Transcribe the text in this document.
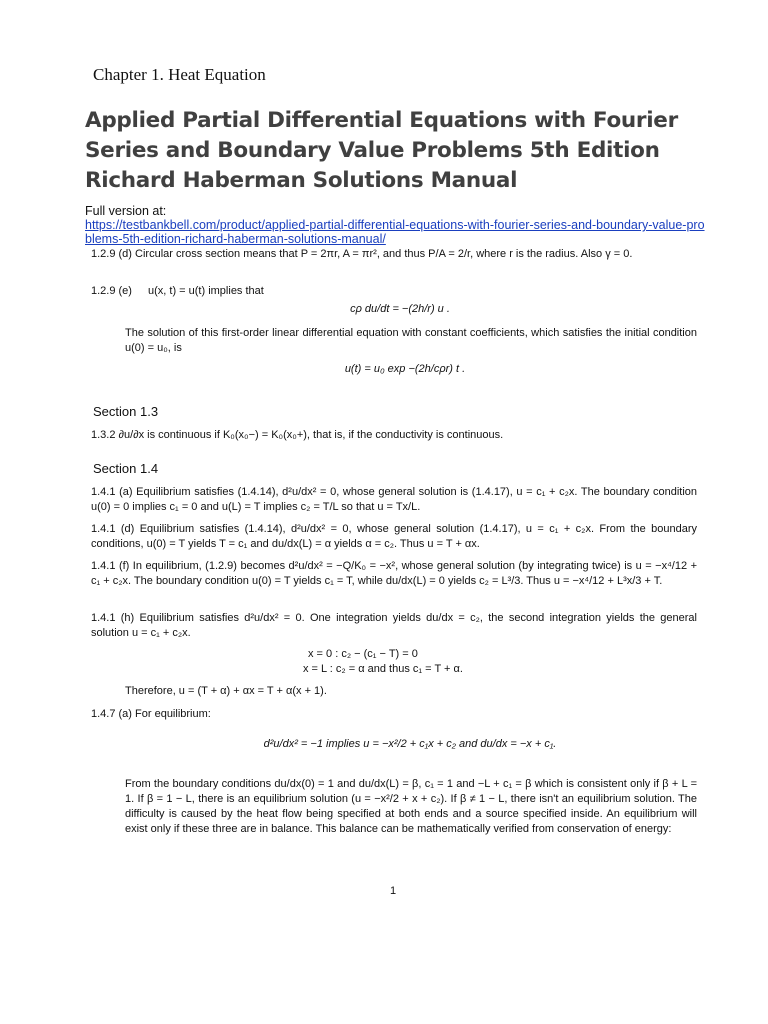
Chapter 1. Heat Equation
Applied Partial Differential Equations with Fourier Series and Boundary Value Problems 5th Edition Richard Haberman Solutions Manual
Full version at:
https://testbankbell.com/product/applied-partial-differential-equations-with-fourier-series-and-boundary-value-problems-5th-edition-richard-haberman-solutions-manual/
1.2.9 (d) Circular cross section means that P = 2πr, A = πr², and thus P/A = 2/r, where r is the radius. Also γ = 0.
1.2.9 (e) u(x, t) = u(t) implies that
cρ du/dt = −(2h/r) u .
The solution of this first-order linear differential equation with constant coefficients, which satisfies the initial condition u(0) = u₀, is
u(t) = u₀ exp −(2h/cρr) t .
Section 1.3
1.3.2 ∂u/∂x is continuous if K₀(x₀−) = K₀(x₀+), that is, if the conductivity is continuous.
Section 1.4
1.4.1 (a) Equilibrium satisfies (1.4.14), d²u/dx² = 0, whose general solution is (1.4.17), u = c₁ + c₂x. The boundary condition u(0) = 0 implies c₁ = 0 and u(L) = T implies c₂ = T/L so that u = Tx/L.
1.4.1 (d) Equilibrium satisfies (1.4.14), d²u/dx² = 0, whose general solution (1.4.17), u = c₁ + c₂x. From the boundary conditions, u(0) = T yields T = c₁ and du/dx(L) = α yields α = c₂. Thus u = T + αx.
1.4.1 (f) In equilibrium, (1.2.9) becomes d²u/dx² = −Q/K₀ = −x², whose general solution (by integrating twice) is u = −x⁴/12 + c₁ + c₂x. The boundary condition u(0) = T yields c₁ = T, while du/dx(L) = 0 yields c₂ = L³/3. Thus u = −x⁴/12 + L³x/3 + T.
1.4.1 (h) Equilibrium satisfies d²u/dx² = 0. One integration yields du/dx = c₂, the second integration yields the general solution u = c₁ + c₂x.
x = 0 : c₂ − (c₁ − T) = 0
x = L : c₂ = α and thus c₁ = T + α.
Therefore, u = (T + α) + αx = T + α(x + 1).
1.4.7 (a) For equilibrium:
d²u/dx² = −1 implies u = −x²/2 + c₁x + c₂ and du/dx = −x + c₁.
From the boundary conditions du/dx(0) = 1 and du/dx(L) = β, c₁ = 1 and −L + c₁ = β which is consistent only if β + L = 1. If β = 1 − L, there is an equilibrium solution (u = −x²/2 + x + c₂). If β ≠ 1 − L, there isn't an equilibrium solution. The difficulty is caused by the heat flow being specified at both ends and a source specified inside. An equilibrium will exist only if these three are in balance. This balance can be mathematically verified from conservation of energy:
1
